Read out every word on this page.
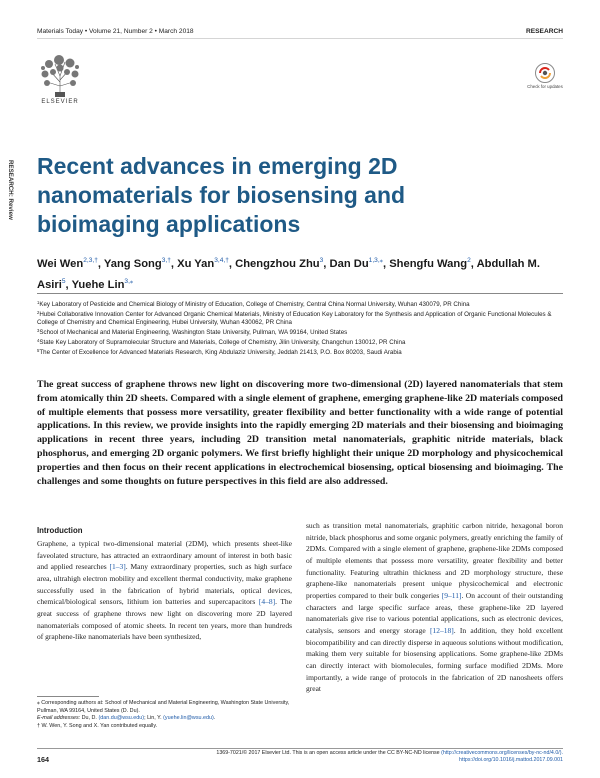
Materials Today • Volume 21, Number 2 • March 2018	RESEARCH
ELSEVIER
Check for updates
RESEARCH: Review Recent advances in emerging 2D nanomaterials for biosensing and bioimaging applications
Wei Wen$^{2,3,\dagger}$, Yang Song$^{3,\dagger}$, Xu Yan$^{3,4,\dagger}$, Chengzhou Zhu$^3$, Dan $Du^{1,3,⁎}$, Shengfu Wang$^2$, Abdullah M. Asiri$^5$, Yuehe Lin$^{3,⁎}$
$^1$Key Laboratory of Pesticide and Chemical Biology of Ministry of Education, College of Chemistry, Central China Normal University, Wuhan 430079, PR China
$^2$Hubei Collaborative Innovation Center for Advanced Organic Chemical Materials, Ministry of Education Key Laboratory for the Synthesis and Application of Organic Functional Molecules & College of Chemistry and Chemical Engineering, Hubei University, Wuhan 430062, PR China
$^3$School of Mechanical and Material Engineering, Washington State University, Pullman, WA 99164, United States
$^4$State Key Laboratory of Supramolecular Structure and Materials, College of Chemistry, Jilin University, Changchun 130012, PR China
$^5$The Center of Excellence for Advanced Materials Research, King Abdulaziz University, Jeddah 21413, P.O. Box 80203, Saudi Arabia
The great success of graphene throws new light on discovering more two-dimensional (2D) layered nanomaterials that stem from atomically thin 2D sheets. Compared with a single element of graphene, emerging graphene-like 2D materials composed of multiple elements that possess more versatility, greater flexibility and better functionality with a wide range of potential applications. In this review, we provide insights into the rapidly emerging 2D materials and their biosensing and bioimaging applications in recent three years, including 2D transition metal nanomaterials, graphitic nitride materials, black phosphorus, and emerging 2D organic polymers. We first briefly highlight their unique 2D morphology and physicochemical properties and then focus on their recent applications in electrochemical biosensing, optical biosensing and bioimaging. The challenges and some thoughts on future perspectives in this field are also addressed.
Introduction

Graphene, a typical two-dimensional material (2DM), which presents sheet-like faveolated structure, has attracted an extraordinary amount of interest in both basic and applied researches [1–3]. Many extraordinary properties, such as high surface area, ultrahigh electron mobility and excellent thermal conductivity, make graphene successfully used in the fabrication of hybrid materials, optical devices, chemical/biological sensors, lithium ion batteries and supercapacitors [4–8]. The great success of graphene throws new light on discovering more 2D layered nanomaterials composed of atomic sheets. In recent ten years, more than hundreds of graphene-like nanomaterials have been synthesized,

such as transition metal nanomaterials, graphitic carbon nitride, hexagonal boron nitride, black phosphorus and some organic polymers, greatly enriching the family of 2DMs. Compared with a single element of graphene, graphene-like 2DMs composed of multiple elements that possess more versatility, greater flexibility and better functionality. Featuring ultrathin thickness and 2D morphology structure, these graphene-like nanomaterials present unique physicochemical and electronic properties compared to their bulk congeries [9–11]. On account of their outstanding characters and large specific surface areas, these graphene-like 2D layered nanomaterials give rise to various potential applications, such as electronic devices, catalysis, sensors and energy storage [12–18]. In addition, they hold excellent biocompatibility and can directly disperse in aqueous solutions without modification, making them very suitable for biosensing applications. Some graphene-like 2DMs can directly interact with biomolecules, forming surface modified 2DMs. More importantly, a wide range of protocols in the fabrication of 2D nanosheets offers great

⁎ Corresponding authors at: School of Mechanical and Material Engineering, Washington State University, Pullman, WA 99164, United States (D. Du).
E-mail addresses: Du, D. (dan.du@wsu.edu); Lin, Y. (yuehe.lin@wsu.edu).
† W. Wen, Y. Song and X. Yan contributed equally.
164
1369-7021/© 2017 Elsevier Ltd. This is an open access article under the CC BY-NC-ND license (http://creativecommons.org/licenses/by-nc-nd/4.0/).
https://doi.org/10.1016/j.mattod.2017.09.001
